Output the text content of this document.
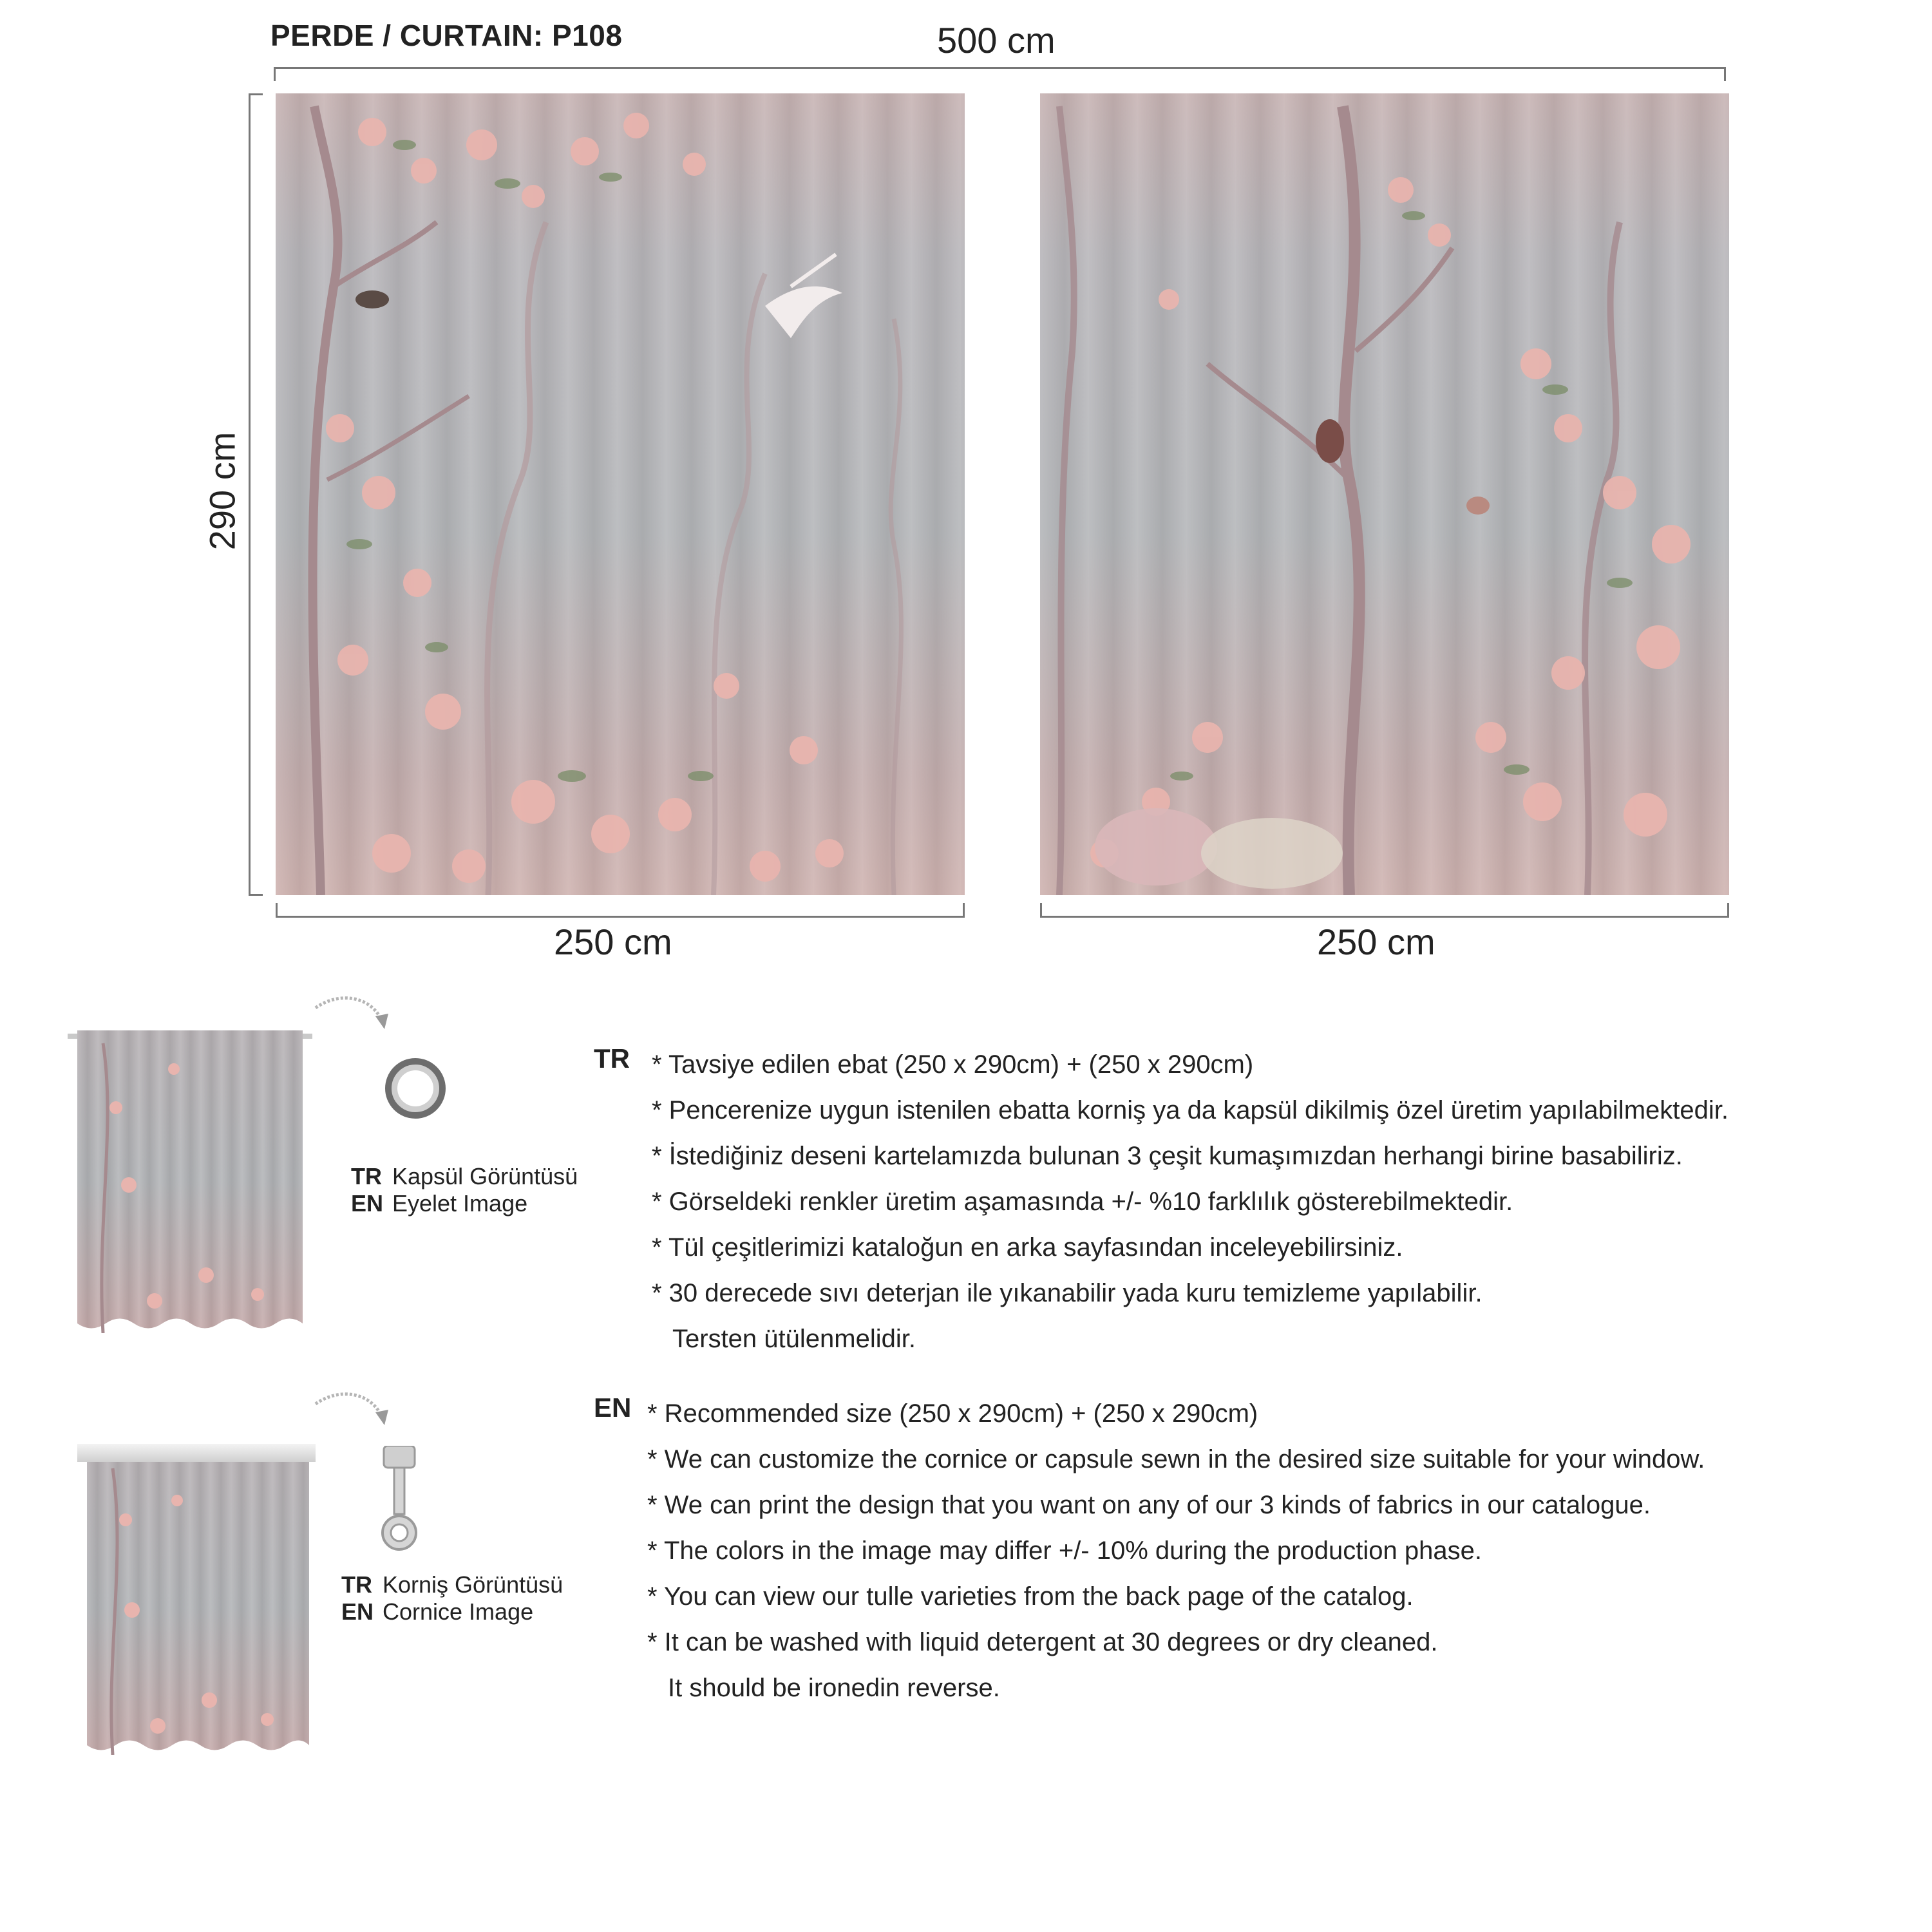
PERDE / CURTAIN: P108	500 cm
290 cm
250 cm	250 cm
TR Kapsül Görüntüsü
EN Eyelet Image
TR Korniş Görüntüsü
EN Cornice Image
TR * Tavsiye edilen ebat (250 x 290cm) + (250 x 290cm)
* Pencerenize uygun istenilen ebatta korniş ya da kapsül dikilmiş özel üretim yapılabilmektedir.
* İstediğiniz deseni kartelamızda bulunan 3 çeşit kumaşımızdan herhangi birine basabiliriz.
* Görseldeki renkler üretim aşamasında +/- %10 farklılık gösterebilmektedir.
* Tül çeşitlerimizi kataloğun en arka sayfasından inceleyebilirsiniz.
* 30 derecede sıvı deterjan ile yıkanabilir yada kuru temizleme yapılabilir.
Tersten ütülenmelidir.
EN * Recommended size (250 x 290cm) + (250 x 290cm)
* We can customize the cornice or capsule sewn in the desired size suitable for your window.
* We can print the design that you want on any of our 3 kinds of fabrics in our catalogue.
* The colors in the image may differ +/- 10% during the production phase.
* You can view our tulle varieties from the back page of the catalog.
* It can be washed with liquid detergent at 30 degrees or dry cleaned.
It should be ironedin reverse.
